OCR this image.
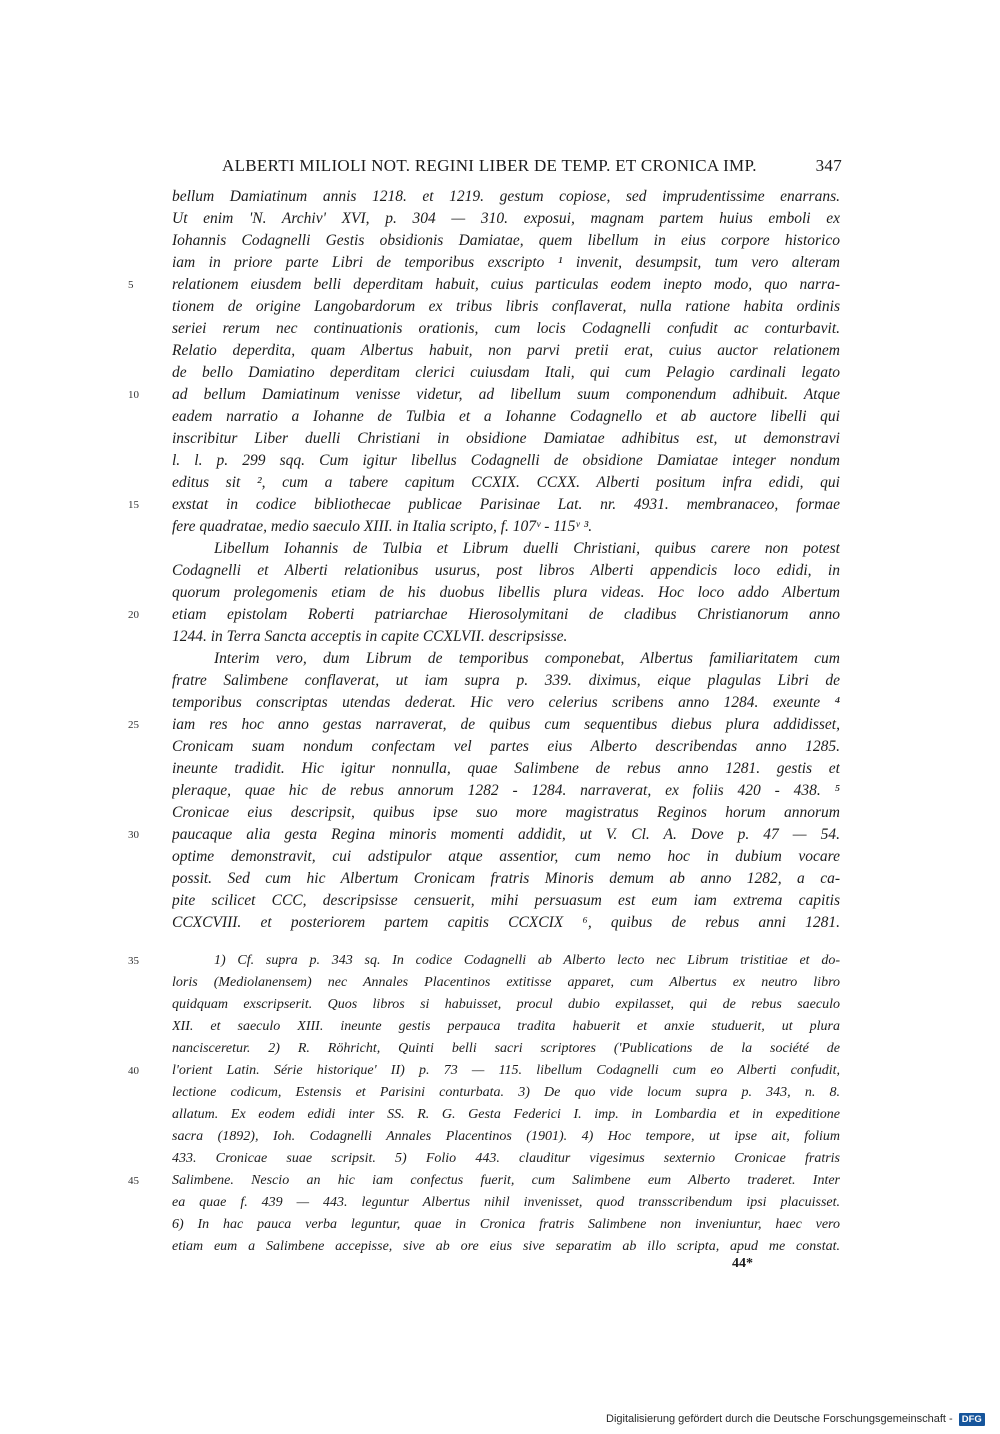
ALBERTI MILIOLI NOT. REGINI LIBER DE TEMP. ET CRONICA IMP.	347
bellum Damiatinum annis 1218. et 1219. gestum copiose, sed imprudentissime enarrans.
Ut enim 'N. Archiv' XVI, p. 304 — 310. exposui, magnam partem huius emboli ex
Iohannis Codagnelli Gestis obsidionis Damiatae, quem libellum in eius corpore historico
iam in priore parte Libri de temporibus exscripto ¹ invenit, desumpsit, tum vero alteram
5	relationem eiusdem belli deperditam habuit, cuius particulas eodem inepto modo, quo narra-
tionem de origine Langobardorum ex tribus libris conflaverat, nulla ratione habita ordinis
seriei rerum nec continuationis orationis, cum locis Codagnelli confudit ac conturbavit.
Relatio deperdita, quam Albertus habuit, non parvi pretii erat, cuius auctor relationem
de bello Damiatino deperditam clerici cuiusdam Itali, qui cum Pelagio cardinali legato
10	ad bellum Damiatinum venisse videtur, ad libellum suum componendum adhibuit. Atque
eadem narratio a Iohanne de Tulbia et a Iohanne Codagnello et ab auctore libelli qui
inscribitur Liber duelli Christiani in obsidione Damiatae adhibitus est, ut demonstravi
l. l. p. 299 sqq. Cum igitur libellus Codagnelli de obsidione Damiatae integer nondum
editus sit ², cum a tabere capitum CCXIX. CCXX. Alberti positum infra edidi, qui
15	exstat in codice bibliothecae publicae Parisinae Lat. nr. 4931. membranaceo, formae
fere quadratae, medio saeculo XIII. in Italia scripto, f. 107ᵛ - 115ᵛ ³.
Libellum Iohannis de Tulbia et Librum duelli Christiani, quibus carere non potest
Codagnelli et Alberti relationibus usurus, post libros Alberti appendicis loco edidi, in
quorum prolegomenis etiam de his duobus libellis plura videas. Hoc loco addo Albertum
20	etiam epistolam Roberti patriarchae Hierosolymitani de cladibus Christianorum anno
1244. in Terra Sancta acceptis in capite CCXLVII. descripsisse.
Interim vero, dum Librum de temporibus componebat, Albertus familiaritatem cum
fratre Salimbene conflaverat, ut iam supra p. 339. diximus, eique plagulas Libri de
temporibus conscriptas utendas dederat. Hic vero celerius scribens anno 1284. exeunte ⁴
25	iam res hoc anno gestas narraverat, de quibus cum sequentibus diebus plura addidisset,
Cronicam suam nondum confectam vel partes eius Alberto describendas anno 1285.
ineunte tradidit. Hic igitur nonnulla, quae Salimbene de rebus anno 1281. gestis et
pleraque, quae hic de rebus annorum 1282 - 1284. narraverat, ex foliis 420 - 438. ⁵
Cronicae eius descripsit, quibus ipse suo more magistratus Reginos horum annorum
30	paucaque alia gesta Regina minoris momenti addidit, ut V. Cl. A. Dove p. 47 — 54.
optime demonstravit, cui adstipulor atque assentior, cum nemo hoc in dubium vocare
possit. Sed cum hic Albertum Cronicam fratris Minoris demum ab anno 1282, a ca-
pite scilicet CCC, descripsisse censuerit, mihi persuasum est eum iam extrema capitis
CCXCVIII. et posteriorem partem capitis CCXCIX ⁶, quibus de rebus anni 1281.
35	1) Cf. supra p. 343 sq. In codice Codagnelli ab Alberto lecto nec Librum tristitiae et do-
loris (Mediolanensem) nec Annales Placentinos extitisse apparet, cum Albertus ex neutro libro
quidquam exscripserit. Quos libros si habuisset, procul dubio expilasset, qui de rebus saeculo
XII. et saeculo XIII. ineunte gestis perpauca tradita habuerit et anxie studuerit, ut plura
nancisceretur. 2) R. Röhricht, Quinti belli sacri scriptores ('Publications de la société de
40	l'orient Latin. Série historique' II) p. 73 — 115. libellum Codagnelli cum eo Alberti confudit,
lectione codicum, Estensis et Parisini conturbata. 3) De quo vide locum supra p. 343, n. 8.
allatum. Ex eodem edidi inter SS. R. G. Gesta Federici I. imp. in Lombardia et in expeditione
sacra (1892), Ioh. Codagnelli Annales Placentinos (1901). 4) Hoc tempore, ut ipse ait, folium
433. Cronicae suae scripsit. 5) Folio 443. clauditur vigesimus sexternio Cronicae fratris
45	Salimbene. Nescio an hic iam confectus fuerit, cum Salimbene eum Alberto traderet. Inter
ea quae f. 439 — 443. leguntur Albertus nihil invenisset, quod transscribendum ipsi placuisset.
6) In hac pauca verba leguntur, quae in Cronica fratris Salimbene non inveniuntur, haec vero
etiam eum a Salimbene accepisse, sive ab ore eius sive separatim ab illo scripta, apud me constat.
44*
Digitalisierung gefördert durch die Deutsche Forschungsgemeinschaft - DFG
